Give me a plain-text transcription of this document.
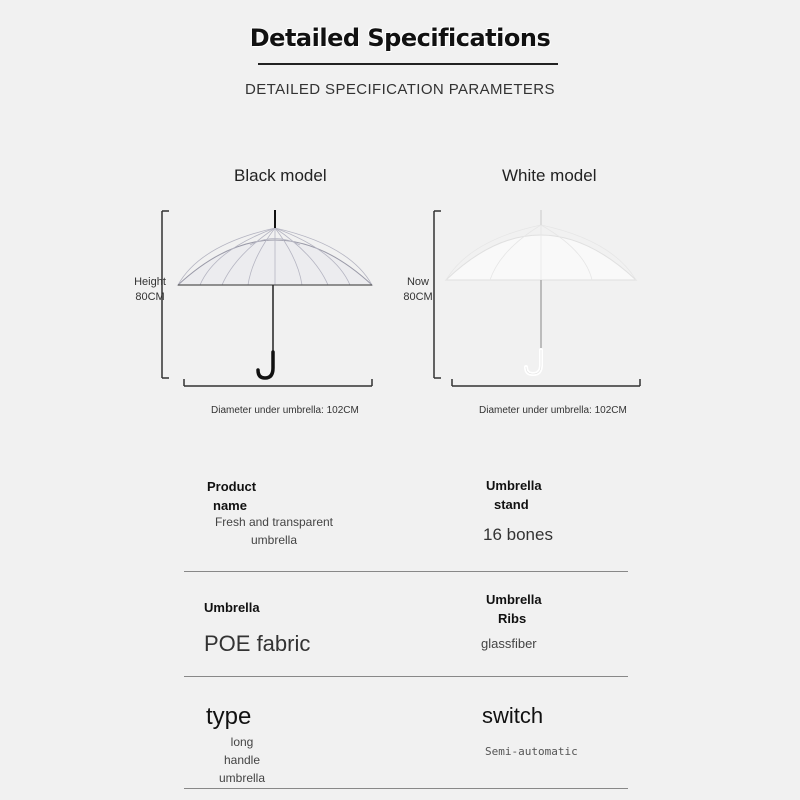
Detailed Specifications
DETAILED SPECIFICATION PARAMETERS
Black model
Height
80CM
Diameter under umbrella: 102CM
White model
Now
80CM
Diameter under umbrella: 102CM
Product
name
Fresh and transparent
umbrella
Umbrella
stand
16 bones
Umbrella
POE fabric
Umbrella
Ribs
glassfiber
type
long handle
umbrella
switch
Semi-automatic
